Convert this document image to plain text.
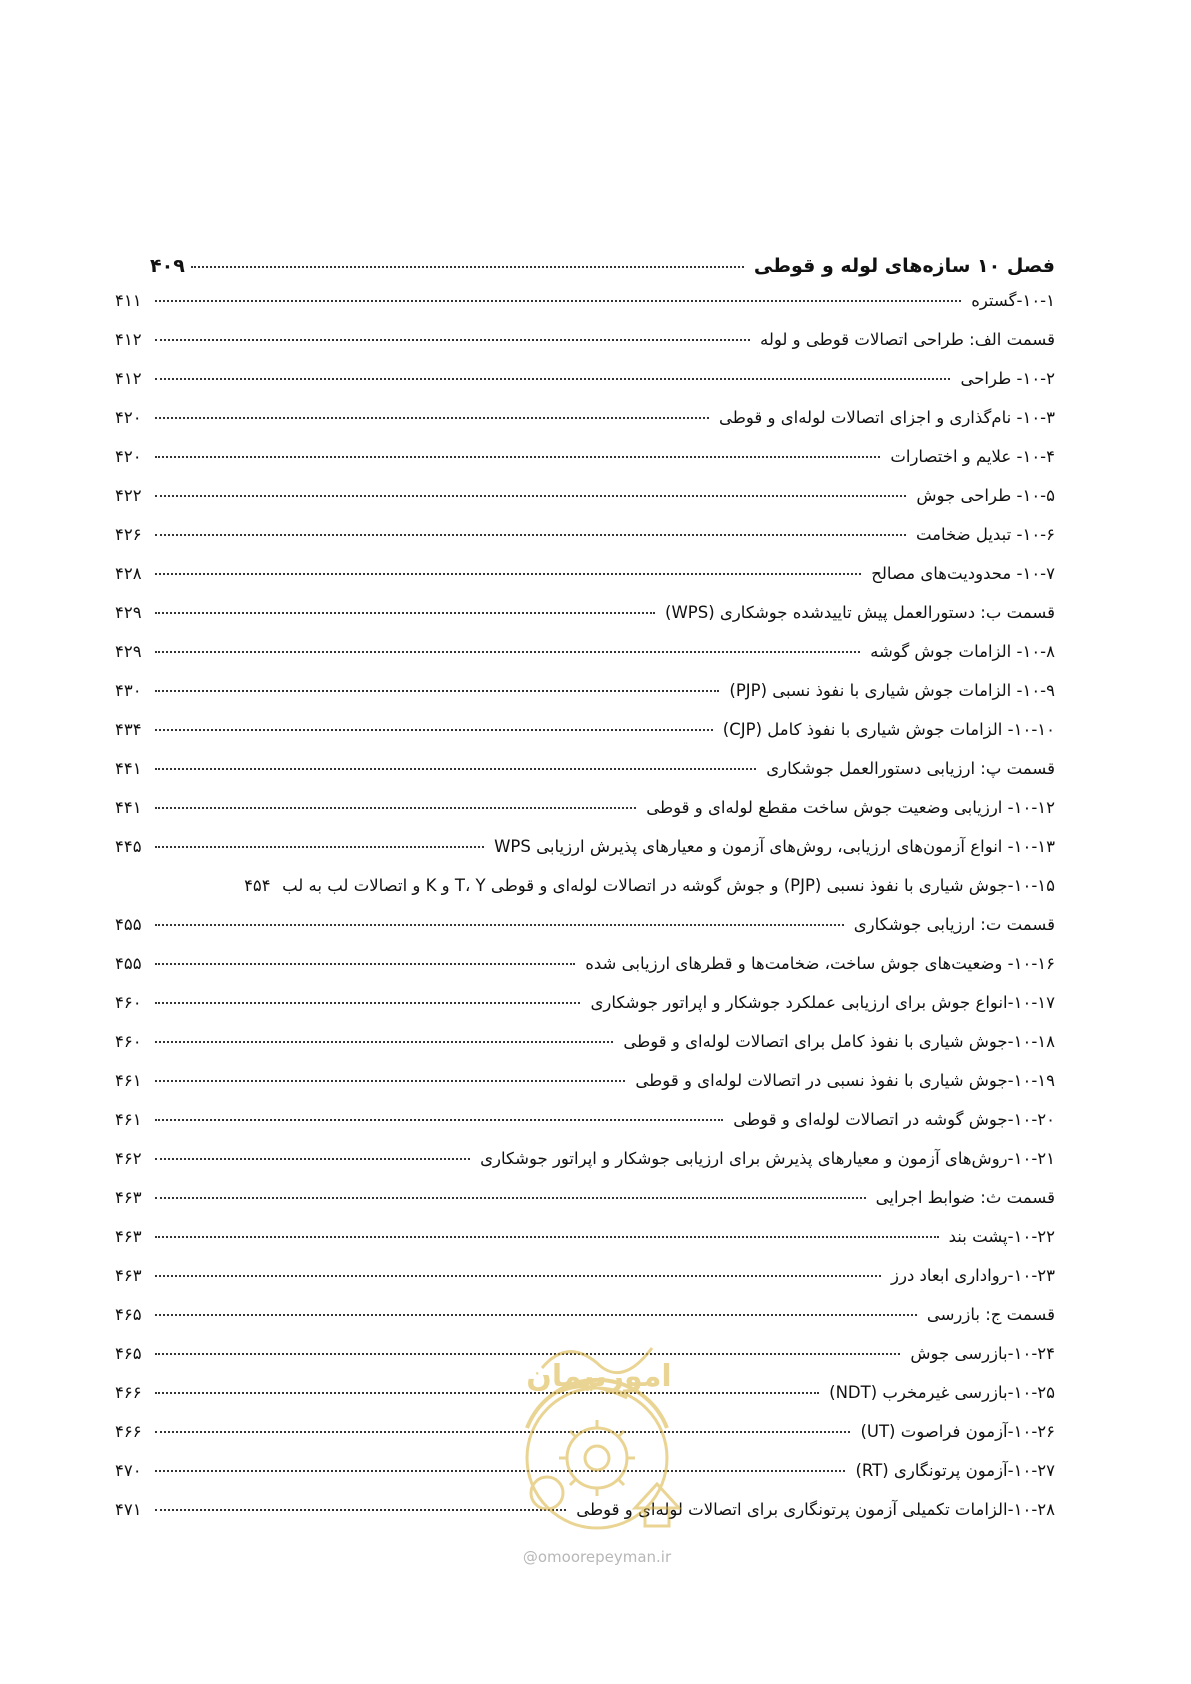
فصل ۱۰ سازه‌های لوله و قوطی
۴۰۹
۱۰-۱-گستره
۴۱۱
قسمت الف: طراحی اتصالات قوطی و لوله
۴۱۲
۱۰-۲- طراحی
۴۱۲
۱۰-۳- نام‌گذاری و اجزای اتصالات لوله‌ای و قوطی
۴۲۰
۱۰-۴- علایم و اختصارات
۴۲۰
۱۰-۵- طراحی جوش
۴۲۲
۱۰-۶- تبدیل ضخامت
۴۲۶
۱۰-۷- محدودیت‌های مصالح
۴۲۸
قسمت ب: دستورالعمل پیش تاییدشده جوشکاری (WPS)
۴۲۹
۱۰-۸- الزامات جوش گوشه
۴۲۹
۱۰-۹- الزامات جوش شیاری با نفوذ نسبی (PJP)
۴۳۰
۱۰-۱۰- الزامات جوش شیاری با نفوذ کامل (CJP)
۴۳۴
قسمت پ: ارزیابی دستورالعمل جوشکاری
۴۴۱
۱۰-۱۲- ارزیابی وضعیت جوش ساخت مقطع لوله‌ای و قوطی
۴۴۱
۱۰-۱۳- انواع آزمون‌های ارزیابی، روش‌های آزمون و معیارهای پذیرش ارزیابی WPS
۴۴۵
۱۰-۱۵-جوش شیاری با نفوذ نسبی (PJP) و جوش گوشه در اتصالات لوله‌ای و قوطی T، Y و K و اتصالات لب به لب
۴۵۴
قسمت ت: ارزیابی جوشکاری
۴۵۵
۱۰-۱۶- وضعیت‌های جوش ساخت، ضخامت‌ها و قطرهای ارزیابی شده
۴۵۵
۱۰-۱۷-انواع جوش برای ارزیابی عملکرد جوشکار و اپراتور جوشکاری
۴۶۰
۱۰-۱۸-جوش شیاری با نفوذ کامل برای اتصالات لوله‌ای و قوطی
۴۶۰
۱۰-۱۹-جوش شیاری با نفوذ نسبی در اتصالات لوله‌ای و قوطی
۴۶۱
۱۰-۲۰-جوش گوشه در اتصالات لوله‌ای و قوطی
۴۶۱
۱۰-۲۱-روش‌های آزمون و معیارهای پذیرش برای ارزیابی جوشکار و اپراتور جوشکاری
۴۶۲
قسمت ث: ضوابط اجرایی
۴۶۳
۱۰-۲۲-پشت بند
۴۶۳
۱۰-۲۳-رواداری ابعاد درز
۴۶۳
قسمت ج: بازرسی
۴۶۵
۱۰-۲۴-بازرسی جوش
۴۶۵
۱۰-۲۵-بازرسی غیرمخرب (NDT)
۴۶۶
۱۰-۲۶-آزمون فراصوت (UT)
۴۶۶
۱۰-۲۷-آزمون پرتونگاری (RT)
۴۷۰
۱۰-۲۸-الزامات تکمیلی آزمون پرتونگاری برای اتصالات لوله‌ای و قوطی
۴۷۱
امورپیمان
@omoorepeyman.ir
